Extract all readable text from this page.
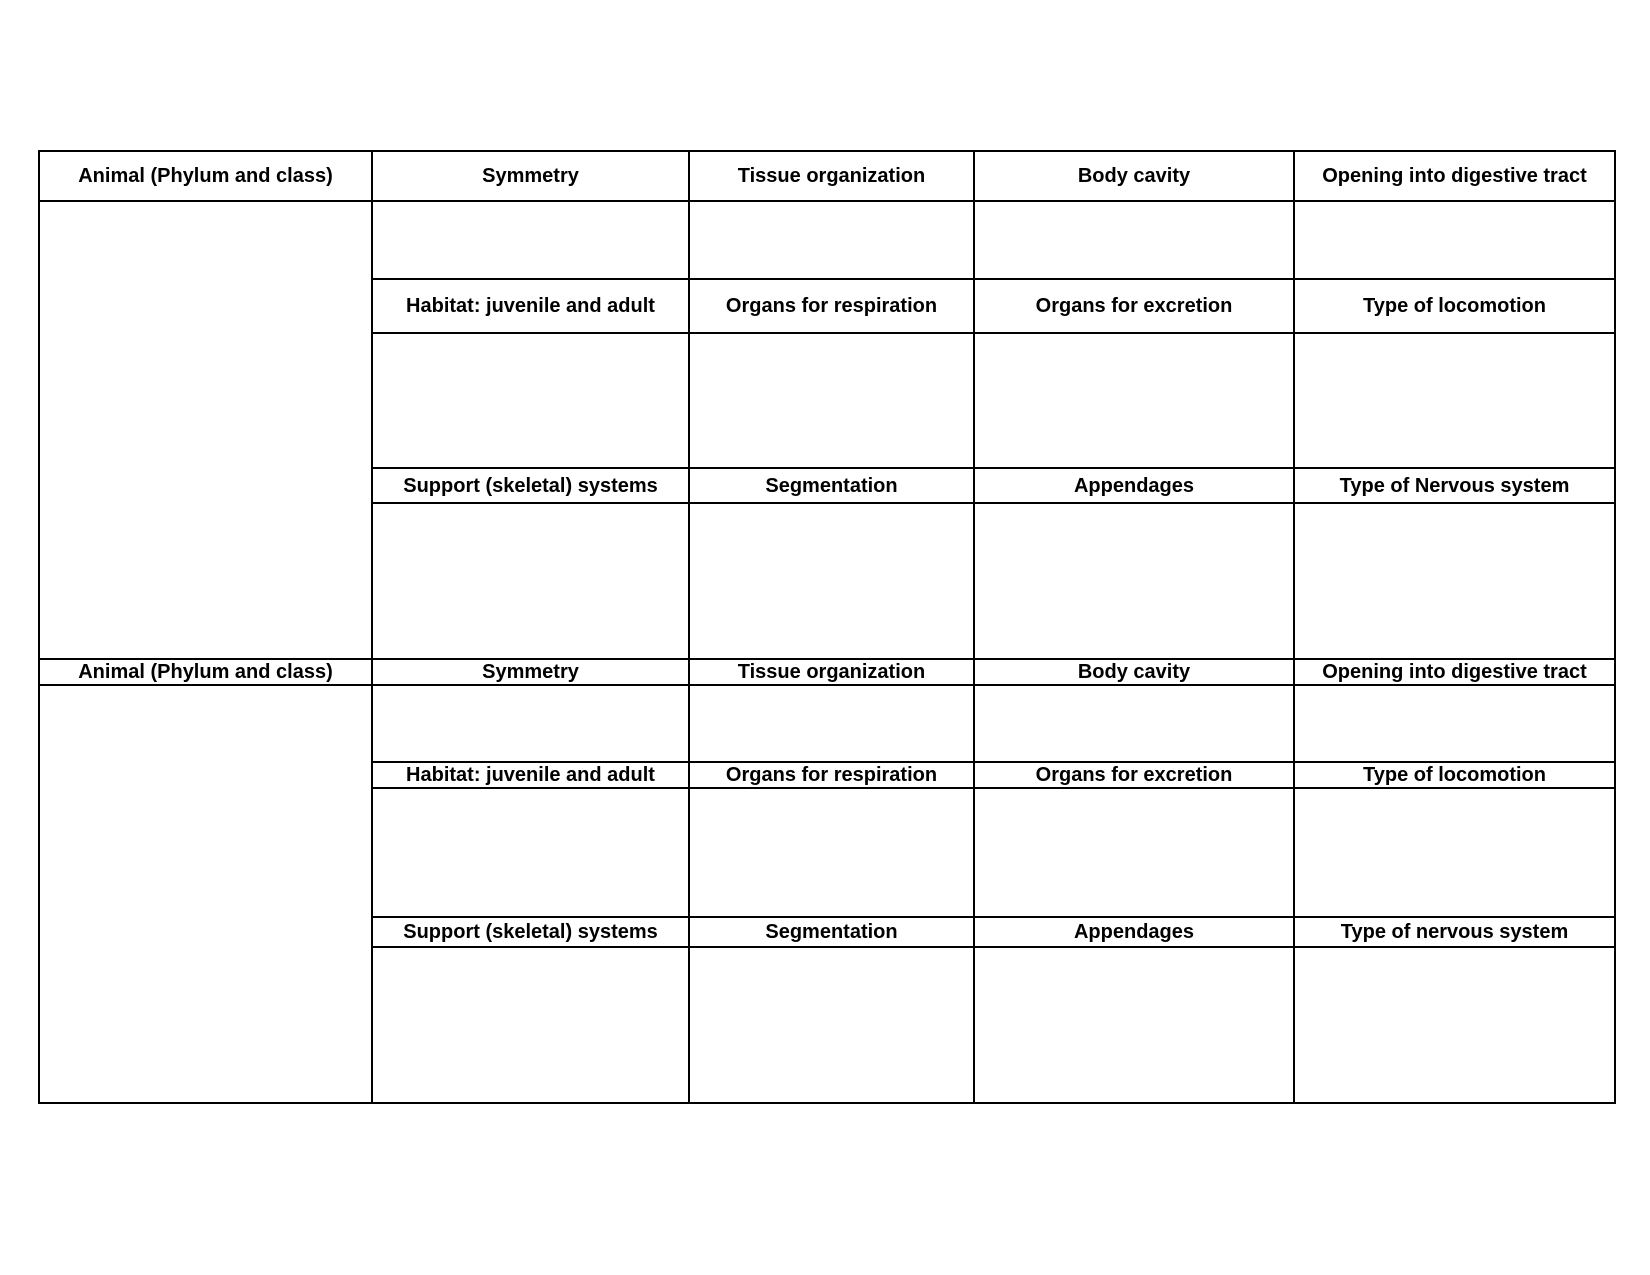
Animal (Phylum and class)	Symmetry	Tissue organization	Body cavity	Opening into digestive tract
Habitat: juvenile and adult	Organs for respiration	Organs for excretion	Type of locomotion
Support (skeletal) systems	Segmentation	Appendages	Type of Nervous system
Animal (Phylum and class)	Symmetry	Tissue organization	Body cavity	Opening into digestive tract
Habitat: juvenile and adult	Organs for respiration	Organs for excretion	Type of locomotion
Support (skeletal) systems	Segmentation	Appendages	Type of nervous system
